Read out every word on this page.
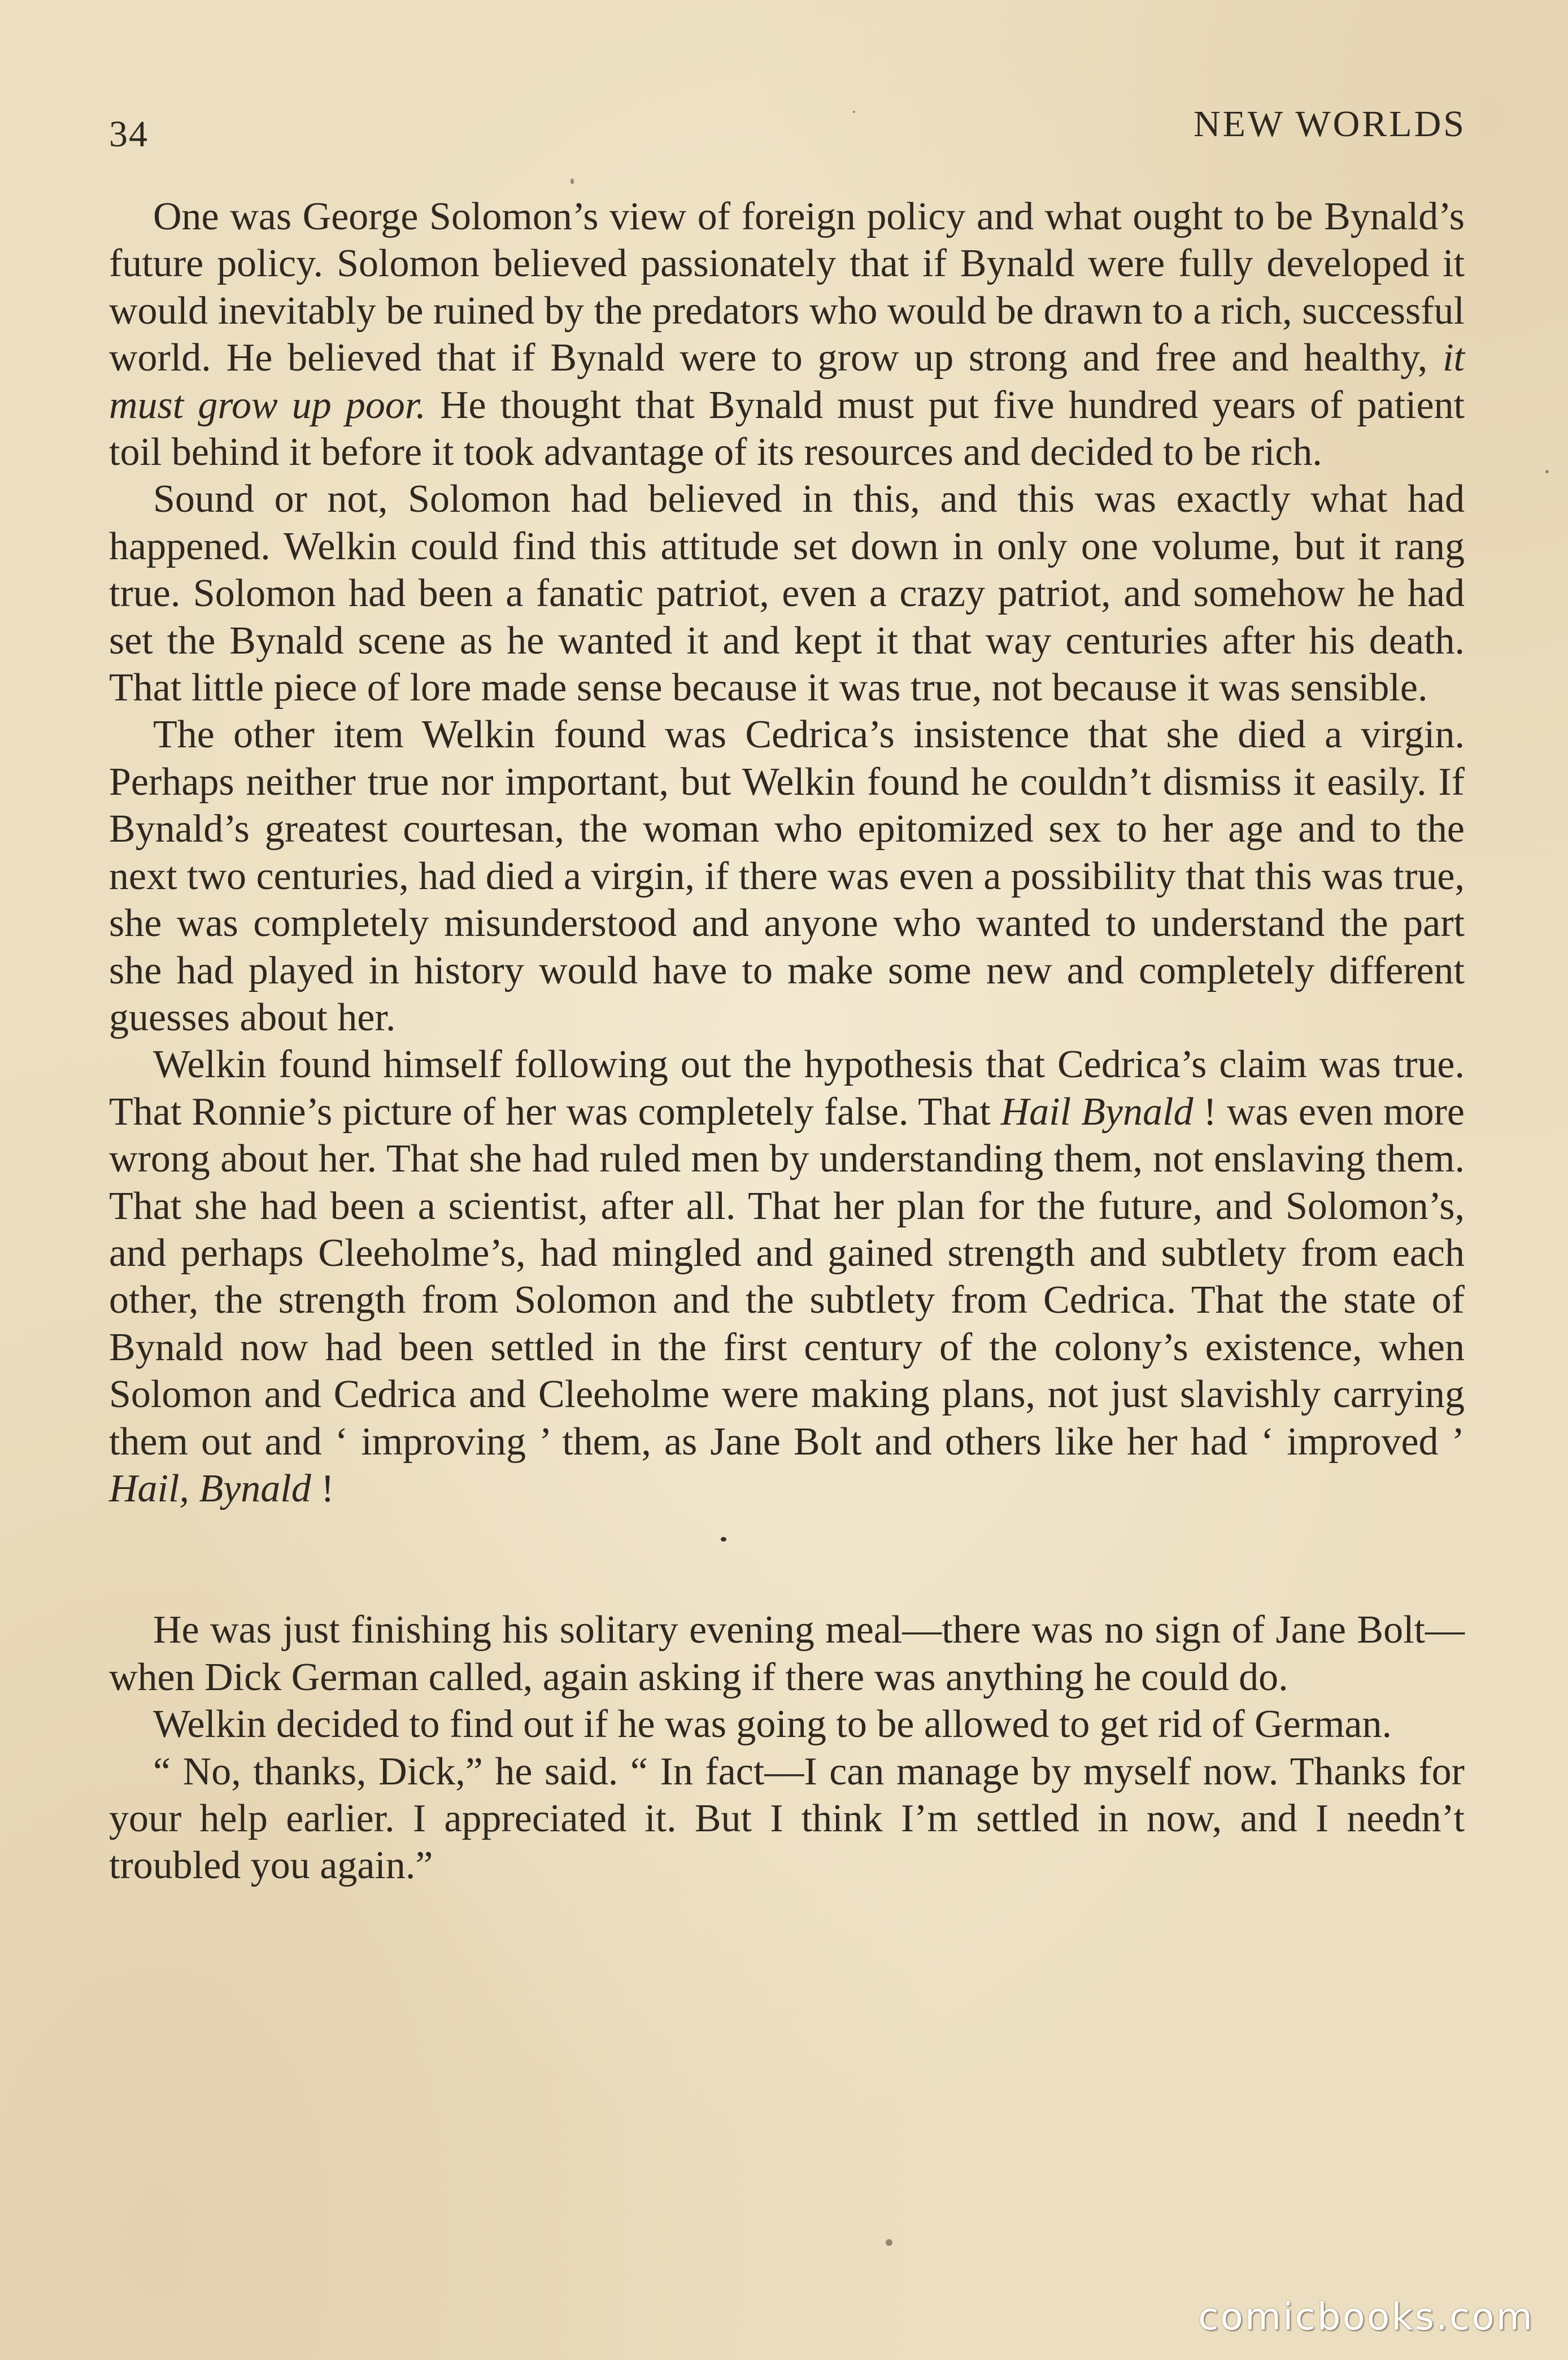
34	NEW WORLDS

One was George Solomon’s view of foreign policy and what ought to be Bynald’s future policy. Solomon believed passionately that if Bynald were fully developed it would inevitably be ruined by the predators who would be drawn to a rich, successful world. He believed that if Bynald were to grow up strong and free and healthy, it must grow up poor. He thought that Bynald must put five hundred years of patient toil behind it before it took advantage of its resources and decided to be rich.

Sound or not, Solomon had believed in this, and this was exactly what had happened. Welkin could find this attitude set down in only one volume, but it rang true. Solomon had been a fanatic patriot, even a crazy patriot, and somehow he had set the Bynald scene as he wanted it and kept it that way centuries after his death. That little piece of lore made sense because it was true, not because it was sensible.

The other item Welkin found was Cedrica’s insistence that she died a virgin. Perhaps neither true nor important, but Welkin found he couldn’t dismiss it easily. If Bynald’s greatest courtesan, the woman who epitomized sex to her age and to the next two centuries, had died a virgin, if there was even a possibility that this was true, she was completely misunderstood and anyone who wanted to understand the part she had played in history would have to make some new and completely different guesses about her.

Welkin found himself following out the hypothesis that Cedrica’s claim was true. That Ronnie’s picture of her was completely false. That Hail Bynald ! was even more wrong about her. That she had ruled men by understanding them, not enslaving them. That she had been a scientist, after all. That her plan for the future, and Solomon’s, and perhaps Cleeholme’s, had mingled and gained strength and subtlety from each other, the strength from Solomon and the subtlety from Cedrica. That the state of Bynald now had been settled in the first century of the colony’s existence, when Solomon and Cedrica and Cleeholme were making plans, not just slavishly carrying them out and ‘ improving ’ them, as Jane Bolt and others like her had ‘ improved ’ Hail, Bynald !

He was just finishing his solitary evening meal—there was no sign of Jane Bolt—when Dick German called, again asking if there was anything he could do.

Welkin decided to find out if he was going to be allowed to get rid of German.

“ No, thanks, Dick,” he said. “ In fact—I can manage by myself now. Thanks for your help earlier. I appreciated it. But I think I’m settled in now, and I needn’t troubled you again.”

comicbooks.com
